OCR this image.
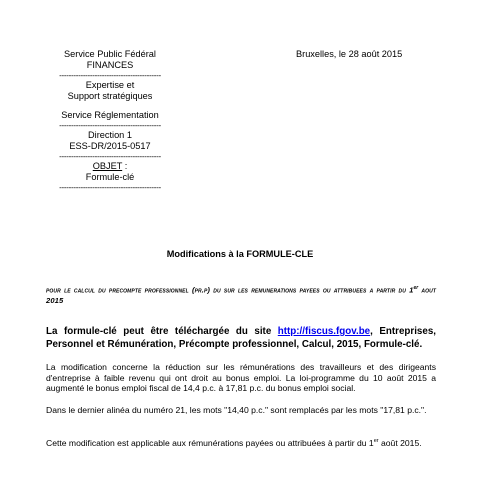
Service Public Fédéral
FINANCES
-------------------------------------------
Expertise et
Support stratégiques
Service Réglementation
-------------------------------------------
Direction 1
ESS-DR/2015-0517
-------------------------------------------
OBJET :
Formule-clé
-------------------------------------------
Bruxelles, le 28 août 2015
Modifications à la FORMULE-CLE
pour le calcul du precompte professionnel (pr.p) du sur les remunerations payees ou attribuees a partir du 1er aout 2015
La formule-clé peut être téléchargée du site http://fiscus.fgov.be, Entreprises, Personnel et Rémunération, Précompte professionnel, Calcul, 2015, Formule-clé.
La modification concerne la réduction sur les rémunérations des travailleurs et des dirigeants d'entreprise à faible revenu qui ont droit au bonus emploi. La loi-programme du 10 août 2015 a augmenté le bonus emploi fiscal de 14,4 p.c. à 17,81 p.c. du bonus emploi social.
Dans le dernier alinéa du numéro 21, les mots "14,40 p.c." sont remplacés par les mots "17,81 p.c.".
Cette modification est applicable aux rémunérations payées ou attribuées à partir du 1er août 2015.
